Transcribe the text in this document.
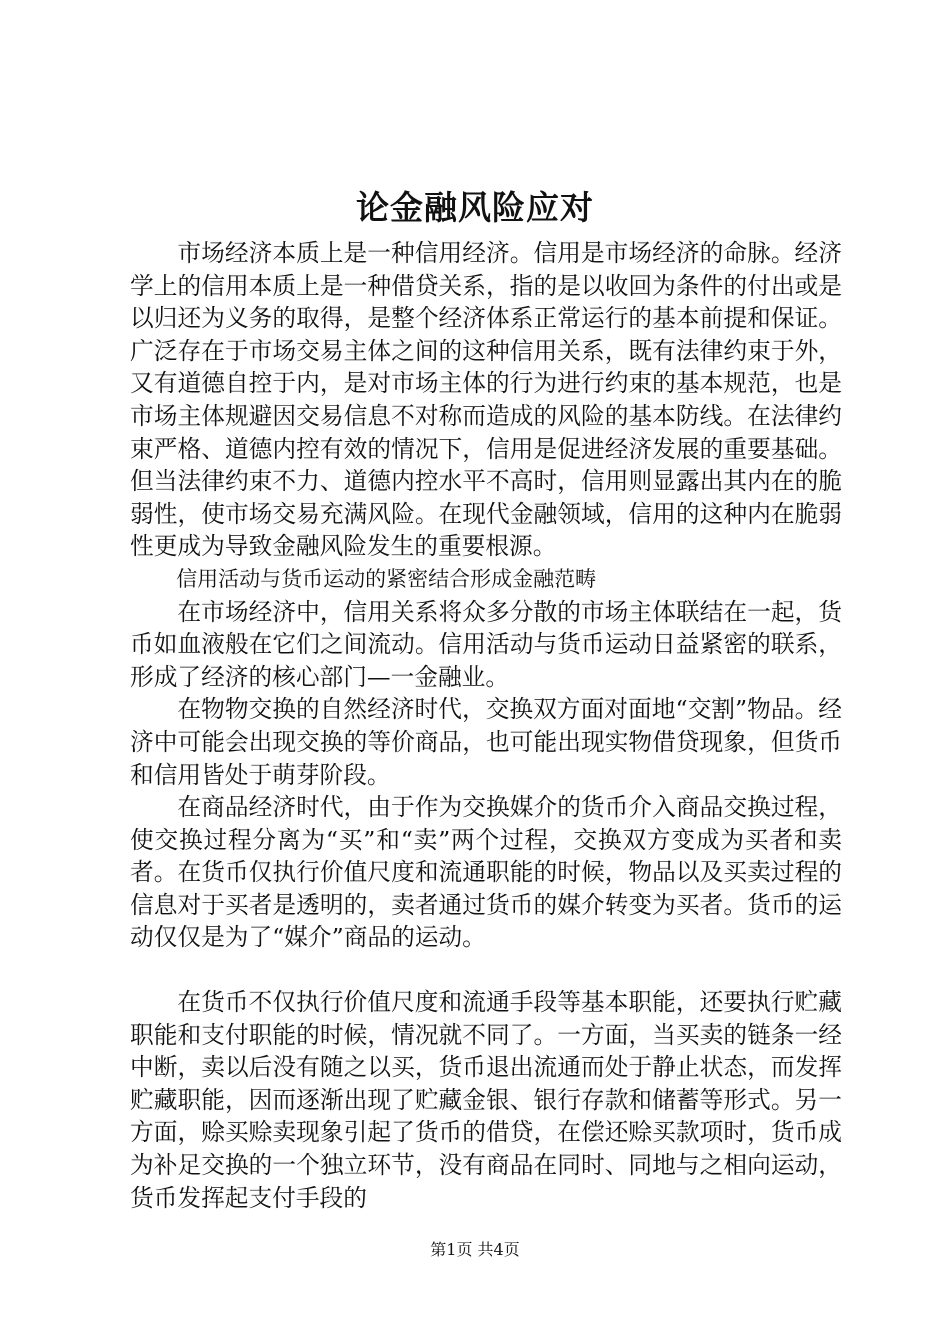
论金融风险应对

市场经济本质上是一种信用经济。信用是市场经济的命脉。经济学上的信用本质上是一种借贷关系，指的是以收回为条件的付出或是以归还为义务的取得，是整个经济体系正常运行的基本前提和保证。广泛存在于市场交易主体之间的这种信用关系，既有法律约束于外，又有道德自控于内，是对市场主体的行为进行约束的基本规范，也是市场主体规避因交易信息不对称而造成的风险的基本防线。在法律约束严格、道德内控有效的情况下，信用是促进经济发展的重要基础。但当法律约束不力、道德内控水平不高时，信用则显露出其内在的脆弱性，使市场交易充满风险。在现代金融领域，信用的这种内在脆弱性更成为导致金融风险发生的重要根源。

信用活动与货币运动的紧密结合形成金融范畴

在市场经济中，信用关系将众多分散的市场主体联结在一起，货币如血液般在它们之间流动。信用活动与货币运动日益紧密的联系，形成了经济的核心部门—一金融业。

在物物交换的自然经济时代，交换双方面对面地“交割”物品。经济中可能会出现交换的等价商品，也可能出现实物借贷现象，但货币和信用皆处于萌芽阶段。

在商品经济时代，由于作为交换媒介的货币介入商品交换过程，使交换过程分离为“买”和“卖”两个过程，交换双方变成为买者和卖者。在货币仅执行价值尺度和流通职能的时候，物品以及买卖过程的信息对于买者是透明的，卖者通过货币的媒介转变为买者。货币的运动仅仅是为了“媒介”商品的运动。

在货币不仅执行价值尺度和流通手段等基本职能，还要执行贮藏职能和支付职能的时候，情况就不同了。一方面，当买卖的链条一经中断，卖以后没有随之以买，货币退出流通而处于静止状态，而发挥贮藏职能，因而逐渐出现了贮藏金银、银行存款和储蓄等形式。另一方面，赊买赊卖现象引起了货币的借贷，在偿还赊买款项时，货币成为补足交换的一个独立环节，没有商品在同时、同地与之相向运动，货币发挥起支付手段的

第1页 共4页
